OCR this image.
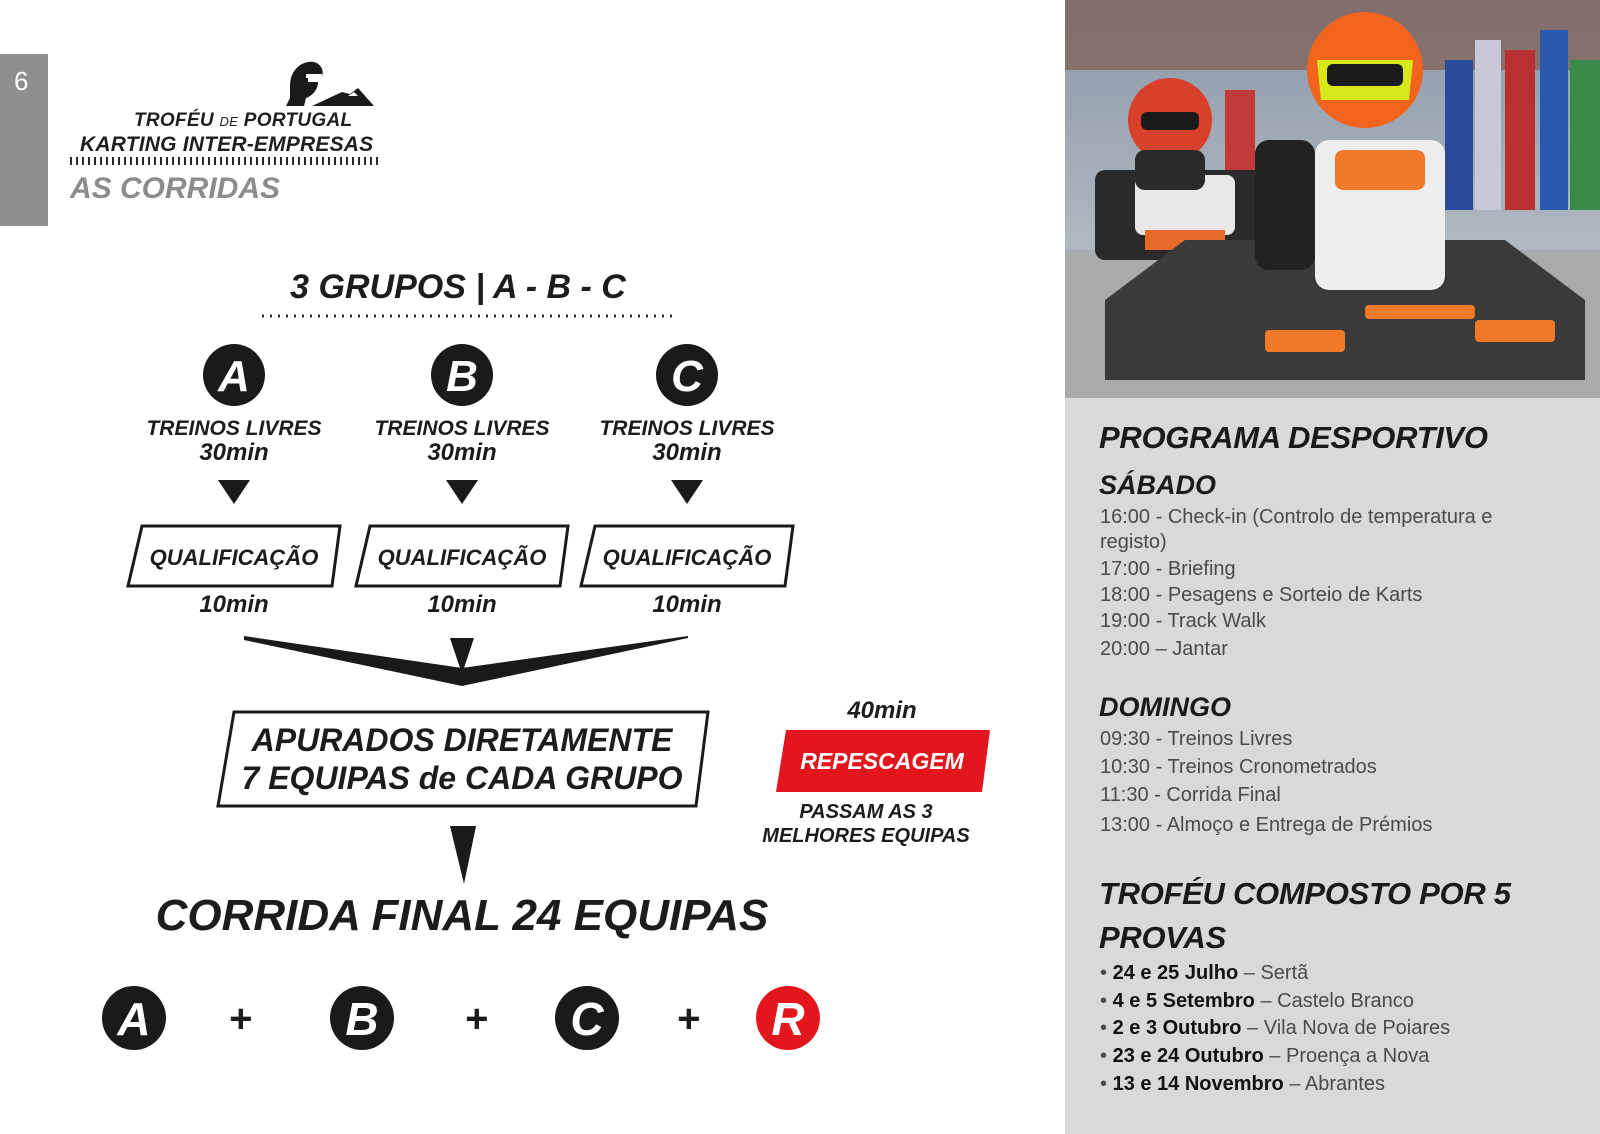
6
TROFÉU DE PORTUGAL
KARTING INTER-EMPRESAS
AS CORRIDAS
3 GRUPOS | A - B - C
A
TREINOS LIVRES
30min
QUALIFICAÇÃO
10min
B
TREINOS LIVRES
30min
QUALIFICAÇÃO
10min
C
TREINOS LIVRES
30min
QUALIFICAÇÃO
10min
APURADOS DIRETAMENTE
7 EQUIPAS de CADA GRUPO
40min
REPESCAGEM
PASSAM AS 3
MELHORES EQUIPAS
CORRIDA FINAL 24 EQUIPAS
A + B + C + R
PROGRAMA DESPORTIVO
SÁBADO
16:00 - Check-in (Controlo de temperatura e registo)
17:00 - Briefing
18:00 - Pesagens e Sorteio de Karts
19:00 - Track Walk
20:00 – Jantar
DOMINGO
09:30 - Treinos Livres
10:30 - Treinos Cronometrados
11:30 - Corrida Final
13:00 - Almoço e Entrega de Prémios
TROFÉU COMPOSTO POR 5 PROVAS
• 24 e 25 Julho – Sertã
• 4 e 5 Setembro – Castelo Branco
• 2 e 3 Outubro – Vila Nova de Poiares
• 23 e 24 Outubro – Proença a Nova
• 13 e 14 Novembro – Abrantes
